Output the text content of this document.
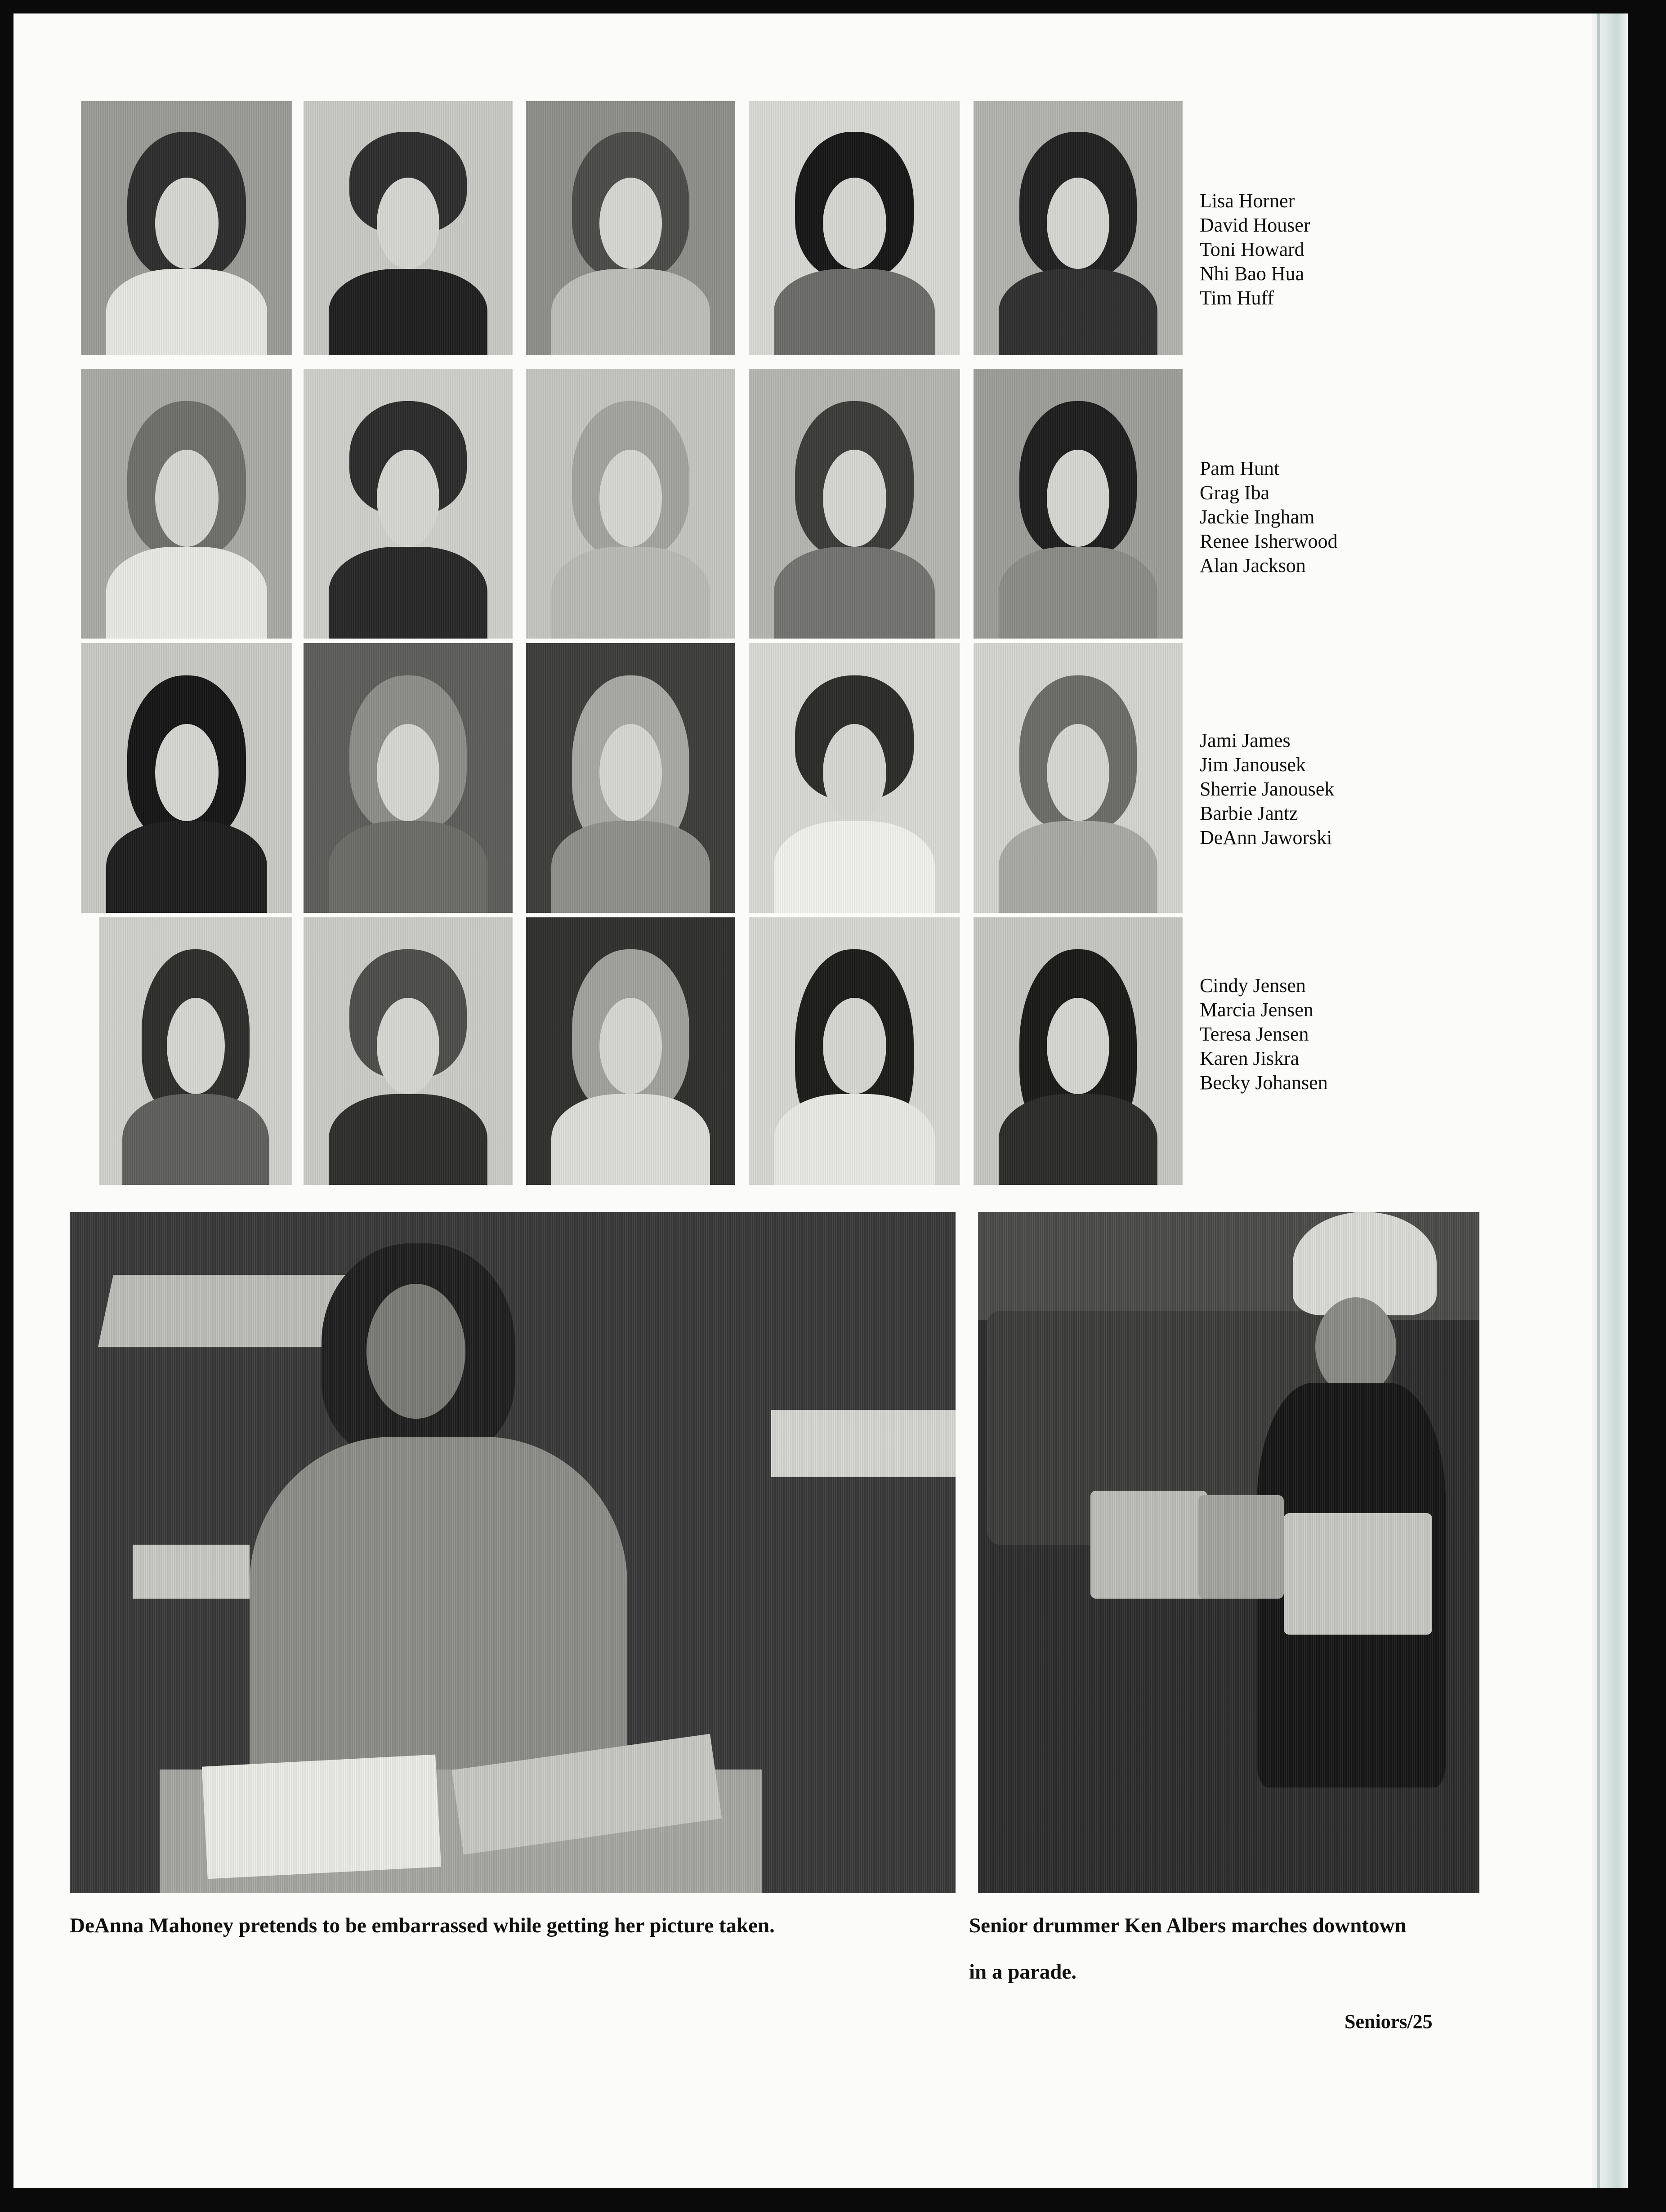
Lisa Horner
David Houser
Toni Howard
Nhi Bao Hua
Tim Huff
Pam Hunt
Grag Iba
Jackie Ingham
Renee Isherwood
Alan Jackson
Jami James
Jim Janousek
Sherrie Janousek
Barbie Jantz
DeAnn Jaworski
Cindy Jensen
Marcia Jensen
Teresa Jensen
Karen Jiskra
Becky Johansen

DeAnna Mahoney pretends to be embarrassed while getting her picture taken.	Senior drummer Ken Albers marches downtown

in a parade.

Seniors/25
